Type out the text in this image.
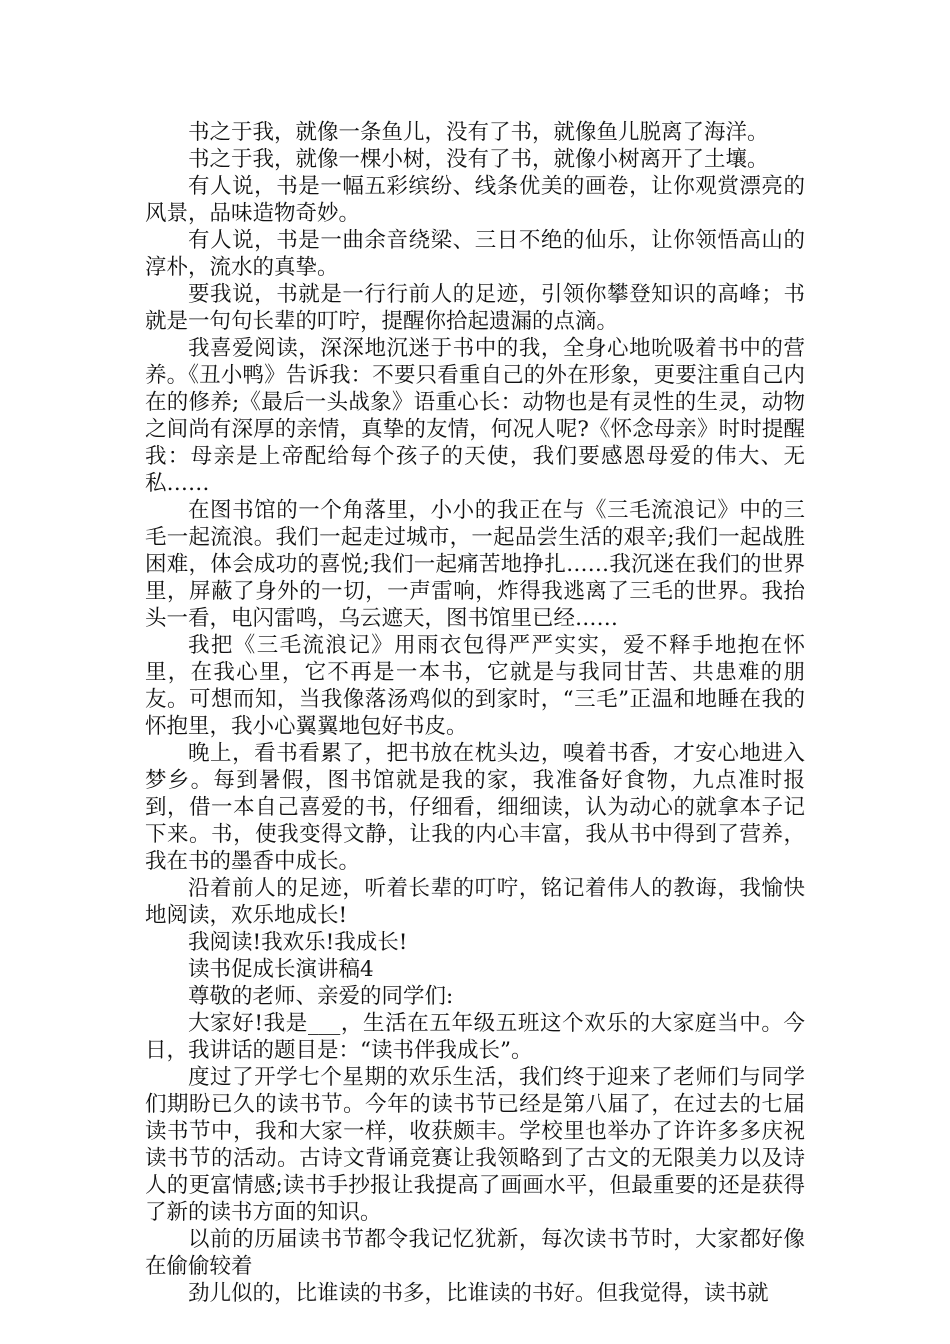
书之于我，就像一条鱼儿，没有了书，就像鱼儿脱离了海洋。

书之于我，就像一棵小树，没有了书，就像小树离开了土壤。

有人说，书是一幅五彩缤纷、线条优美的画卷，让你观赏漂亮的风景，品味造物奇妙。

有人说，书是一曲余音绕梁、三日不绝的仙乐，让你领悟高山的淳朴，流水的真挚。

要我说，书就是一行行前人的足迹，引领你攀登知识的高峰；书就是一句句长辈的叮咛，提醒你拾起遗漏的点滴。

我喜爱阅读，深深地沉迷于书中的我，全身心地吮吸着书中的营养。《丑小鸭》告诉我：不要只看重自己的外在形象，更要注重自己内在的修养;《最后一头战象》语重心长：动物也是有灵性的生灵，动物之间尚有深厚的亲情，真挚的友情，何况人呢?《怀念母亲》时时提醒我：母亲是上帝配给每个孩子的天使，我们要感恩母爱的伟大、无私……

在图书馆的一个角落里，小小的我正在与《三毛流浪记》中的三毛一起流浪。我们一起走过城市，一起品尝生活的艰辛;我们一起战胜困难，体会成功的喜悦;我们一起痛苦地挣扎……我沉迷在我们的世界里，屏蔽了身外的一切，一声雷响，炸得我逃离了三毛的世界。我抬头一看，电闪雷鸣，乌云遮天，图书馆里已经……

我把《三毛流浪记》用雨衣包得严严实实，爱不释手地抱在怀里，在我心里，它不再是一本书，它就是与我同甘苦、共患难的朋友。可想而知，当我像落汤鸡似的到家时，“三毛”正温和地睡在我的怀抱里，我小心翼翼地包好书皮。

晚上，看书看累了，把书放在枕头边，嗅着书香，才安心地进入梦乡。每到暑假，图书馆就是我的家，我准备好食物，九点准时报到，借一本自己喜爱的书，仔细看，细细读，认为动心的就拿本子记下来。书，使我变得文静，让我的内心丰富，我从书中得到了营养，我在书的墨香中成长。

沿着前人的足迹，听着长辈的叮咛，铭记着伟人的教诲，我愉快地阅读，欢乐地成长!

我阅读!我欢乐!我成长!

读书促成长演讲稿4

尊敬的老师、亲爱的同学们:

大家好!我是___，生活在五年级五班这个欢乐的大家庭当中。今日，我讲话的题目是：“读书伴我成长”。

度过了开学七个星期的欢乐生活，我们终于迎来了老师们与同学们期盼已久的读书节。今年的读书节已经是第八届了，在过去的七届读书节中，我和大家一样，收获颇丰。学校里也举办了许许多多庆祝读书节的活动。古诗文背诵竞赛让我领略到了古文的无限美力以及诗人的更富情感;读书手抄报让我提高了画画水平，但最重要的还是获得了新的读书方面的知识。

以前的历届读书节都令我记忆犹新，每次读书节时，大家都好像在偷偷较着

劲儿似的，比谁读的书多，比谁读的书好。但我觉得，读书就
